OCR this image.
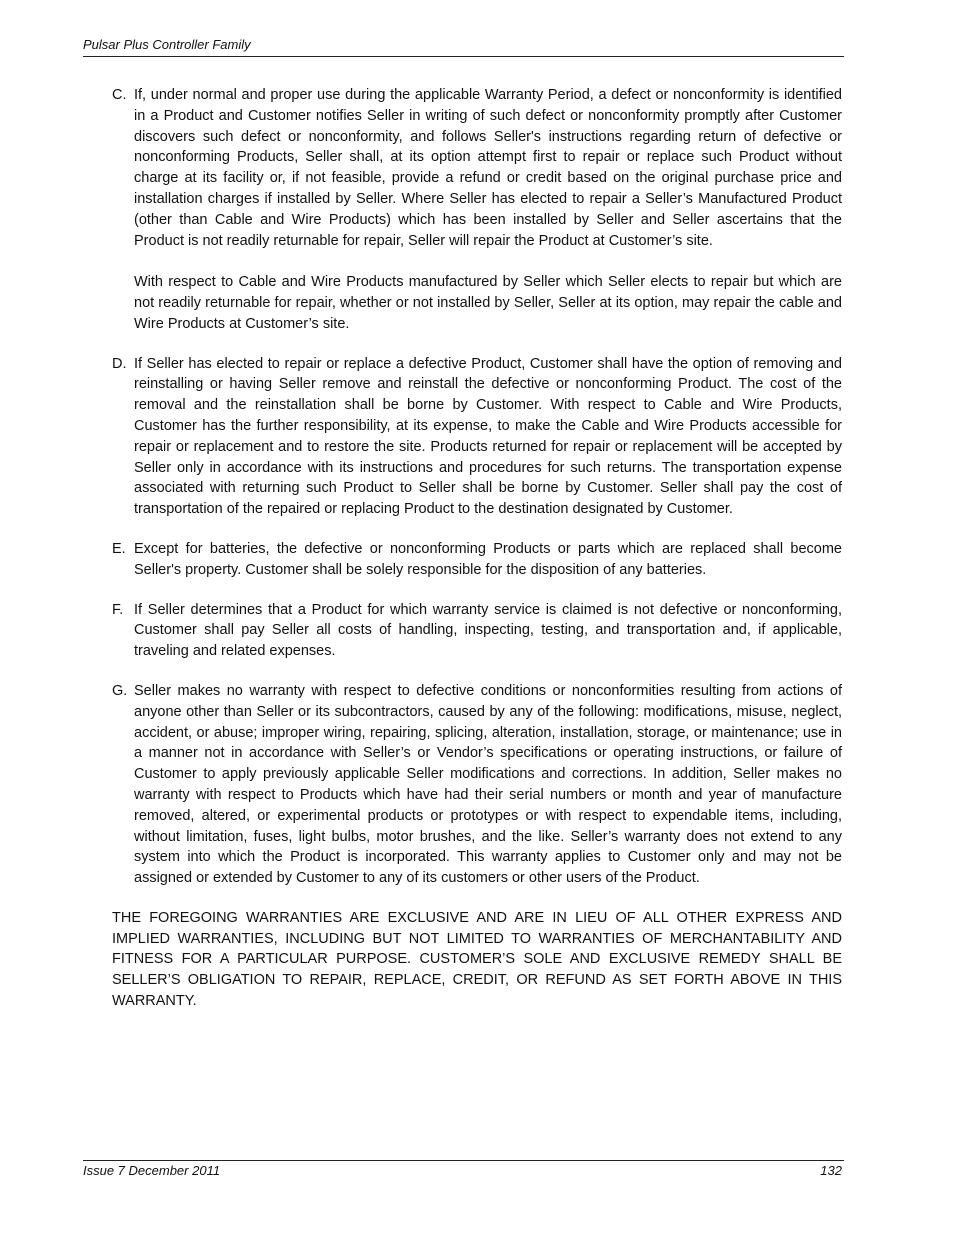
Pulsar Plus Controller Family
C. If, under normal and proper use during the applicable Warranty Period, a defect or nonconformity is identified in a Product and Customer notifies Seller in writing of such defect or nonconformity promptly after Customer discovers such defect or nonconformity, and follows Seller's instructions regarding return of defective or nonconforming Products, Seller shall, at its option attempt first to repair or replace such Product without charge at its facility or, if not feasible, provide a refund or credit based on the original purchase price and installation charges if installed by Seller. Where Seller has elected to repair a Seller’s Manufactured Product (other than Cable and Wire Products) which has been installed by Seller and Seller ascertains that the Product is not readily returnable for repair, Seller will repair the Product at Customer’s site.

With respect to Cable and Wire Products manufactured by Seller which Seller elects to repair but which are not readily returnable for repair, whether or not installed by Seller, Seller at its option, may repair the cable and Wire Products at Customer’s site.

D. If Seller has elected to repair or replace a defective Product, Customer shall have the option of removing and reinstalling or having Seller remove and reinstall the defective or nonconforming Product. The cost of the removal and the reinstallation shall be borne by Customer. With respect to Cable and Wire Products, Customer has the further responsibility, at its expense, to make the Cable and Wire Products accessible for repair or replacement and to restore the site. Products returned for repair or replacement will be accepted by Seller only in accordance with its instructions and procedures for such returns. The transportation expense associated with returning such Product to Seller shall be borne by Customer. Seller shall pay the cost of transportation of the repaired or replacing Product to the destination designated by Customer.

E. Except for batteries, the defective or nonconforming Products or parts which are replaced shall become Seller's property. Customer shall be solely responsible for the disposition of any batteries.

F. If Seller determines that a Product for which warranty service is claimed is not defective or nonconforming, Customer shall pay Seller all costs of handling, inspecting, testing, and transportation and, if applicable, traveling and related expenses.

G. Seller makes no warranty with respect to defective conditions or nonconformities resulting from actions of anyone other than Seller or its subcontractors, caused by any of the following: modifications, misuse, neglect, accident, or abuse; improper wiring, repairing, splicing, alteration, installation, storage, or maintenance; use in a manner not in accordance with Seller’s or Vendor’s specifications or operating instructions, or failure of Customer to apply previously applicable Seller modifications and corrections. In addition, Seller makes no warranty with respect to Products which have had their serial numbers or month and year of manufacture removed, altered, or experimental products or prototypes or with respect to expendable items, including, without limitation, fuses, light bulbs, motor brushes, and the like. Seller’s warranty does not extend to any system into which the Product is incorporated. This warranty applies to Customer only and may not be assigned or extended by Customer to any of its customers or other users of the Product.

THE FOREGOING WARRANTIES ARE EXCLUSIVE AND ARE IN LIEU OF ALL OTHER EXPRESS AND IMPLIED WARRANTIES, INCLUDING BUT NOT LIMITED TO WARRANTIES OF MERCHANTABILITY AND FITNESS FOR A PARTICULAR PURPOSE. CUSTOMER’S SOLE AND EXCLUSIVE REMEDY SHALL BE SELLER’S OBLIGATION TO REPAIR, REPLACE, CREDIT, OR REFUND AS SET FORTH ABOVE IN THIS WARRANTY.

Issue 7 December 2011	132
